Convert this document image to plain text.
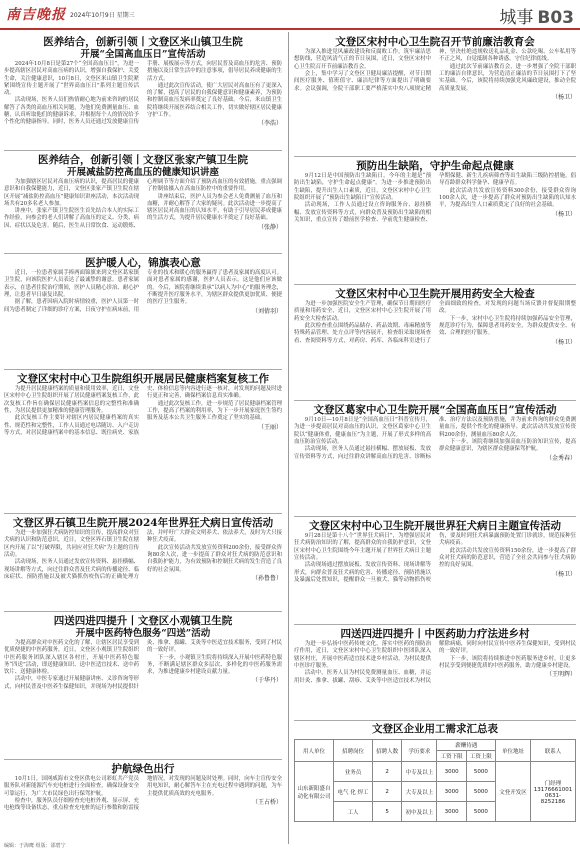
南吉晚报 2024年10月9日 星期三	城事 B03
医养结合，创新引领丨文登区米山镇卫生院
开展“全国高血压日”宣传活动

2024年10月8日是第27个“全国高血压日”，为进一步提高辖区居民对高血压病的认识，增强自我保护、关爱生命，关注健康意识，10月8日，文登区米山镇卫生院紧紧围绕宣传主题开展了“世界高血压日”系列主题宣传活动。

活动现场，医务人员们热情耐心地为前来咨询的居民解答了各类的高血压相关问题，为他们免费测量血压、血糖，认真听取他们的健康诉求，并根据每个人的情况给予个性化的健康指导。同时，医务人员还通过发放健康宣传手册、展板展示等方式，向居民普及高血压的危害、预防措施以及日常生活中的注意事项，倡导居民养成健康的生活方式。

通过此次宣传活动，使广大居民对高血压有了更深入的了解，提高了居民的自我保健意识和健康素养，为预防和控制高血压发病率奠定了良好基础。今后，米山镇卫生院将继续开展医养结合相关工作，切实做好辖区居民健康守护工作。

（李浩）
医养结合，创新引领丨文登区张家产镇卫生院
开展减盐防控高血压的健康知识讲座

为加强辖区居民对高血压病的认识，提高居民的健康意识和自我保健能力，近日，文登区张家产镇卫生院在辖区开展“减盐防控高血压”健康知识讲座活动，本次活动现场共有20多名老人参加。

讲座中，张家产镇卫生院医生首先结合本人的实际工作经验，向参会的老人们讲解了高血压的定义、分类、病因、症状以及危害。随后，医生从日常饮食、运动锻炼、心理调节等方面介绍了预防高血压的有效措施，重点强调了控制盐摄入在高血压防控中的重要作用。

讲座结束后，医护人员为参会老人免费测量了血压和血糖，并耐心解答了大家的疑问。此次活动进一步提高了辖区居民对高血压的认知水平，有助于引导居民养成健康的生活方式，为提升居民健康水平奠定了良好基础。

（张静）
医护暖人心，锦旗表心意

近日，一位患者家属手捧两面锦旗来到文登区葛家镇卫生院，向该院医护人员表达了最诚挚的谢意。患者家属表示，在患者住院治疗期间，医护人员精心诊治、耐心护理，让患者早日康复出院。

据了解，患者因病入院时病情较重，医护人员第一时间为患者制定了详细的诊疗方案，日夜守护在病床前，用专业的技术和暖心的服务赢得了患者及家属的高度认可。面对患者家属的感谢，医护人员表示，这是他们应该做的。今后，该院将继续秉承“以病人为中心”的服务理念，不断提升医疗服务水平，为辖区群众提供更加优质、便捷的医疗卫生服务。

（刘倩羽）
文登区宋村中心卫生院组织开展居民健康档案复核工作

为提升居民健康档案的质量和使用效率，近日，文登区宋村中心卫生院组织开展了居民健康档案复核工作，此次复核工作旨在确保居民健康档案信息的完整性和准确性，为居民提供更加精准的健康管理服务。

此次复核工作主要针对辖区内居民健康档案的真实性、规范性和完整性，工作人员通过电话随访、入户走访等方式，对居民健康档案中的基本信息、既往病史、家族史、体检信息等内容进行逐一核对，对发现的问题及时进行更正和完善，确保档案信息真实准确。

通过此次复核工作，进一步规范了居民健康档案管理工作，提高了档案的利用率，为下一步开展家庭医生签约服务及基本公共卫生服务工作奠定了坚实的基础。

（王丽）
文登区界石镇卫生院开展2024年世界狂犬病日宣传活动

为进一步加强狂犬病防控知识的宣传，提高群众对狂犬病的认识和防范意识，近日，文登区界石镇卫生院在辖区内开展了以“打破界限，共同应对狂犬病”为主题的宣传活动。

活动现场，医务人员通过发放宣传资料、悬挂横幅、现场讲解等方式，向过往群众普及狂犬病的传播途径、临床症状、预防措施以及被犬猫抓伤咬伤后的正确处理方法，并呼吁广大群众文明养犬、依法养犬，及时为犬只接种狂犬疫苗。

此次宣传活动共发放宣传资料200余份，接受群众咨询80余人次，进一步提高了群众对狂犬病的防范意识和自我防护能力，为有效预防和控制狂犬病的发生营造了良好的社会氛围。

（孙鲁鲁）
四送四进四提升丨文登区小观镇卫生院
开展中医药特色服务“四送”活动

为提高群众对中医药文化的了解，让辖区居民享受到优质便捷的中医药服务，近日，文登区小观镇卫生院组织中医药服务团队深入辖区各村庄，开展中医药特色服务“四送”活动，即送健康知识、送中医适宜技术、送中药饮片、送健康体检。

活动中，中医专家通过开展健康讲座、义诊咨询等形式，向村民普及中医养生保健知识，并现场为村民提供针灸、推拿、拔罐、艾灸等中医适宜技术服务，受到了村民的一致好评。

下一步，小观镇卫生院将持续深入开展中医药特色服务，不断满足辖区群众多层次、多样化的中医药服务需求，为推进健康乡村建设贡献力量。

（于华丹）
护航绿色出行

10月1日，国网威海市文登区供电公司彩虹共产党员服务队对新能源汽车充电桩进行全面检查，确保设备安全可靠运行，为广大市民绿色出行保驾护航。

检查中，服务队员仔细检查充电桩外观、显示屏、充电枪线等设备状态，重点检查充电桩的运行参数和防雷接地情况，对发现的问题及时处理。同时，向车主宣传安全用电知识，耐心解答车主在充电过程中遇到的问题，为车主提供优质高效的充电服务。

（王占桥）
文登区宋村中心卫生院召开节前廉洁教育会

为深入推进党风廉政建设和反腐败工作，筑牢廉洁思想防线，营造风清气正的节日氛围，近日，文登区宋村中心卫生院召开节前廉洁教育会。

会上，集中学习了文登区卫健局廉洁提醒，对节日期间医疗服务、值班值守、廉洁纪律等方面提出了明确要求。会议强调，全院干部职工要严格落实中央八项规定精神，坚决杜绝违规收送礼品礼金、公款吃喝、公车私用等不正之风，自觉抵制各种诱惑，守住纪律底线。

通过此次节前廉洁教育会，进一步增强了全院干部职工的廉洁自律意识，为营造清正廉洁的节日氛围打下了坚实基础。今后，该院将持续加强党风廉政建设，推动全院高质量发展。

（杨卫）
预防出生缺陷，守护生命起点健康

9月12日是中国预防出生缺陷日，今年的主题是“预防出生缺陷，守护生命起点健康”。为进一步推进预防出生缺陷，提升出生人口素质，近日，文登区宋村中心卫生院组织开展了“预防出生缺陷日”宣传活动。

活动现场，工作人员通过设立咨询服务台、悬挂横幅、发放宣传资料等方式，向群众普及预防出生缺陷的相关知识，重点宣传了婚前医学检查、孕前优生健康检查、孕期保健、新生儿疾病筛查等出生缺陷三级防控措施，倡导育龄群众科学备孕、健康孕育。

此次活动共发放宣传资料300余份，接受群众咨询100余人次，进一步提高了群众对预防出生缺陷的认知水平，为提高出生人口素质奠定了良好的社会基础。

（杨卫）
文登区宋村中心卫生院开展用药安全大检查

为进一步加强医院安全生产管理，确保节日期间医疗质量和用药安全，近日，文登区宋村中心卫生院开展了用药安全大检查活动。

此次检查重点围绕药品储存、药品效期、毒麻精放等特殊药品管理、处方点评等内容展开，检查组采取现场查看、查阅资料等方式，对药房、药库、各临床科室进行了全面细致的检查，对发现的问题当场反馈并督促限期整改。

下一步，宋村中心卫生院将持续加强药品安全管理，规范诊疗行为，保障患者用药安全，为群众提供安全、有效、合理的医疗服务。

（杨卫）
文登区葛家中心卫生院开展“全国高血压日”宣传活动

9月10日—10月8日是“全国高血压日”科普宣传月，为进一步提高居民对高血压的认识，文登区葛家中心卫生院以“健康体重，健康血压”为主题，开展了形式多样的高血压防治宣传活动。

活动现场，医务人员通过悬挂横幅、摆放展板、发放宣传资料等方式，向过往群众讲解高血压的危害、诊断标准、治疗方法以及预防措施，并为前来咨询的群众免费测量血压，提供个性化的健康指导。此次活动共发放宣传资料200余份，测量血压80余人次。

下一步，该院将继续加强高血压防治知识宣传，提高群众健康意识，为辖区群众健康保驾护航。

（金秀春）
文登区宋村中心卫生院开展世界狂犬病日主题宣传活动

9月28日是第十八个“世界狂犬病日”，为增强居民对狂犬病防治知识的了解，提高群众的自我防护意识，文登区宋村中心卫生院围绕今年主题开展了世界狂犬病日主题宣传活动。

活动现场通过摆放展板、发放宣传资料、现场讲解等形式，向群众普及狂犬病的危害、传播途径、预防措施以及暴露后处置知识，提醒群众一旦被犬、猫等动物抓伤咬伤，要及时到狂犬病暴露预防处置门诊就诊，规范接种狂犬病疫苗。

此次活动共发放宣传资料150余份，进一步提高了群众对狂犬病的防范意识，营造了全社会共同参与狂犬病防控的良好氛围。

（杨卫）
四送四进四提升丨中医药助力疗法进乡村

为进一步弘扬中医药传统文化，落实中医药的预防治疗作用，近日，文登区宋村中心卫生院组织中医团队深入辖区村庄，开展中医药适宜技术进乡村活动，为村民提供中医诊疗服务。

活动中，医务人员为村民免费测量血压、血糖，并运用针灸、推拿、拔罐、刮痧、艾灸等中医适宜技术为村民解除病痛，同时向村民宣传中医养生保健知识，受到村民的一致好评。

下一步，该院将持续推进中医药服务进乡村，让更多村民享受到便捷优质的中医药服务，助力健康乡村建设。

（王明辉）
文登区企业用工需求汇总表
用人单位	招聘岗位	招聘人数	学历要求	薪酬待遇		单位地址	联系人
				工资下限	工资上限		
山东新阳盛自动化有限公司	业务员	2	中专及以上	3000	5000	文登开发区	门经理 13176661001 0631-8252186
	电气 化 焊工	2	大专及以上	3000	5000		
	工人	5	初中及以上	3000	5000		
编辑：于海鹰 组版：邵碧宁
